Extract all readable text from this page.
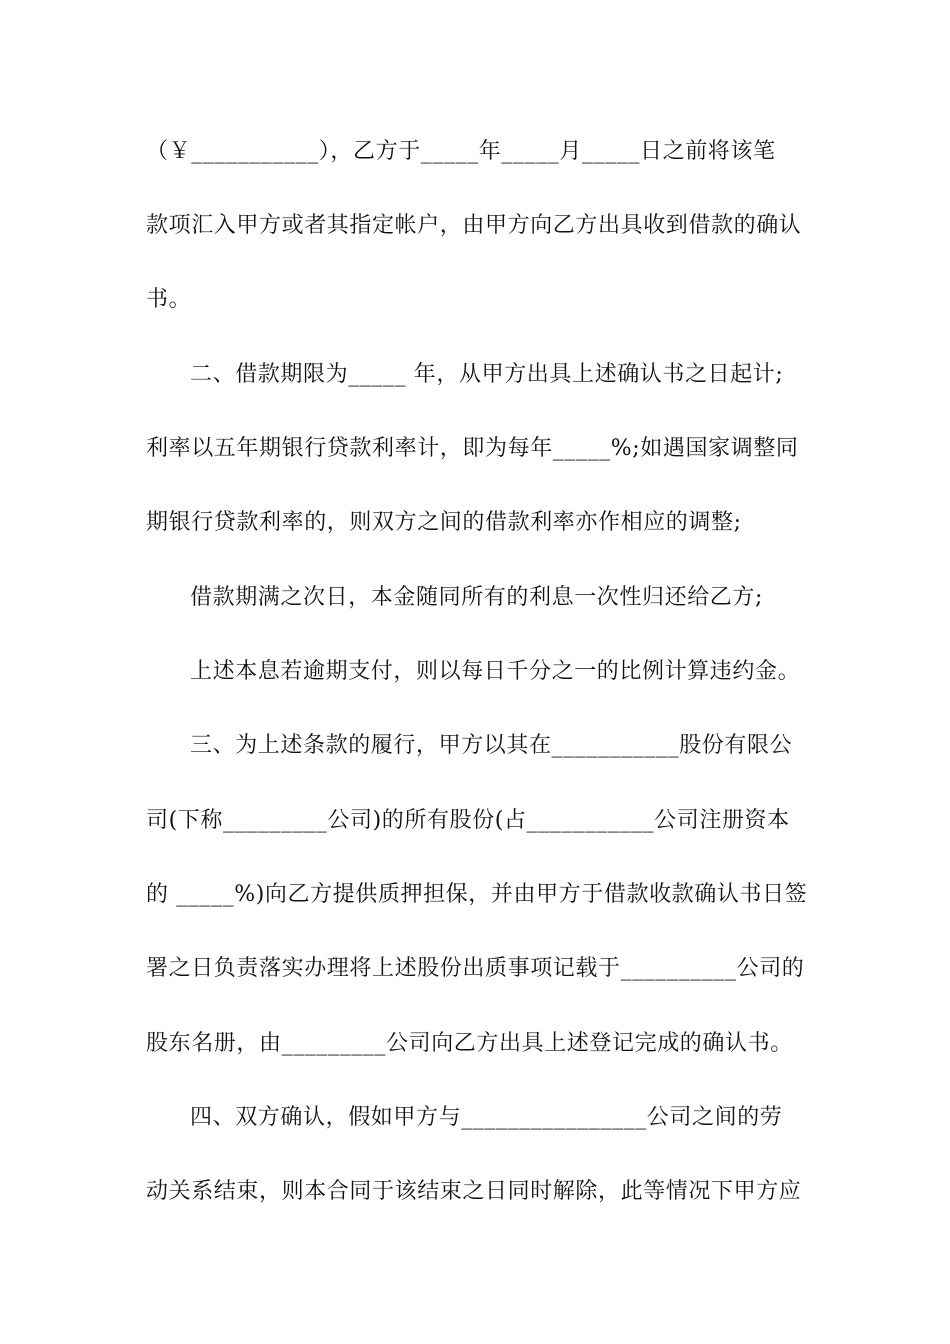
（￥___________），乙方于_____年_____月_____日之前将该笔

款项汇入甲方或者其指定帐户，由甲方向乙方出具收到借款的确认

书。

二、借款期限为_____ 年，从甲方出具上述确认书之日起计;

利率以五年期银行贷款利率计，即为每年_____%;如遇国家调整同

期银行贷款利率的，则双方之间的借款利率亦作相应的调整;

借款期满之次日，本金随同所有的利息一次性归还给乙方;

上述本息若逾期支付，则以每日千分之一的比例计算违约金。

三、为上述条款的履行，甲方以其在___________股份有限公

司(下称_________公司)的所有股份(占___________公司注册资本

的 _____%)向乙方提供质押担保，并由甲方于借款收款确认书日签

署之日负责落实办理将上述股份出质事项记载于__________公司的

股东名册，由_________公司向乙方出具上述登记完成的确认书。

四、双方确认，假如甲方与________________公司之间的劳

动关系结束，则本合同于该结束之日同时解除，此等情况下甲方应
